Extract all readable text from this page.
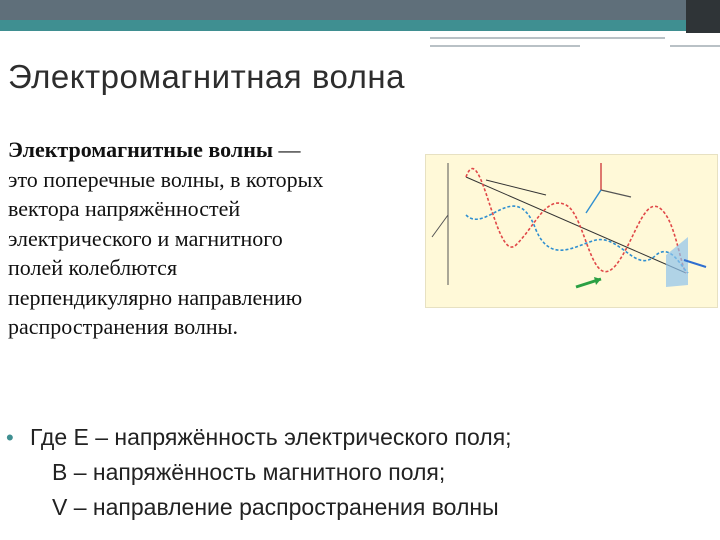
Электромагнитная волна
Электромагнитные волны —
это поперечные волны, в которых
вектора напряжённостей
электрического и магнитного
полей колеблются
перпендикулярно направлению
распространения волны.
• Где E – напряжённость электрического поля;
B – напряжённость магнитного поля;
V – направление распространения волны
